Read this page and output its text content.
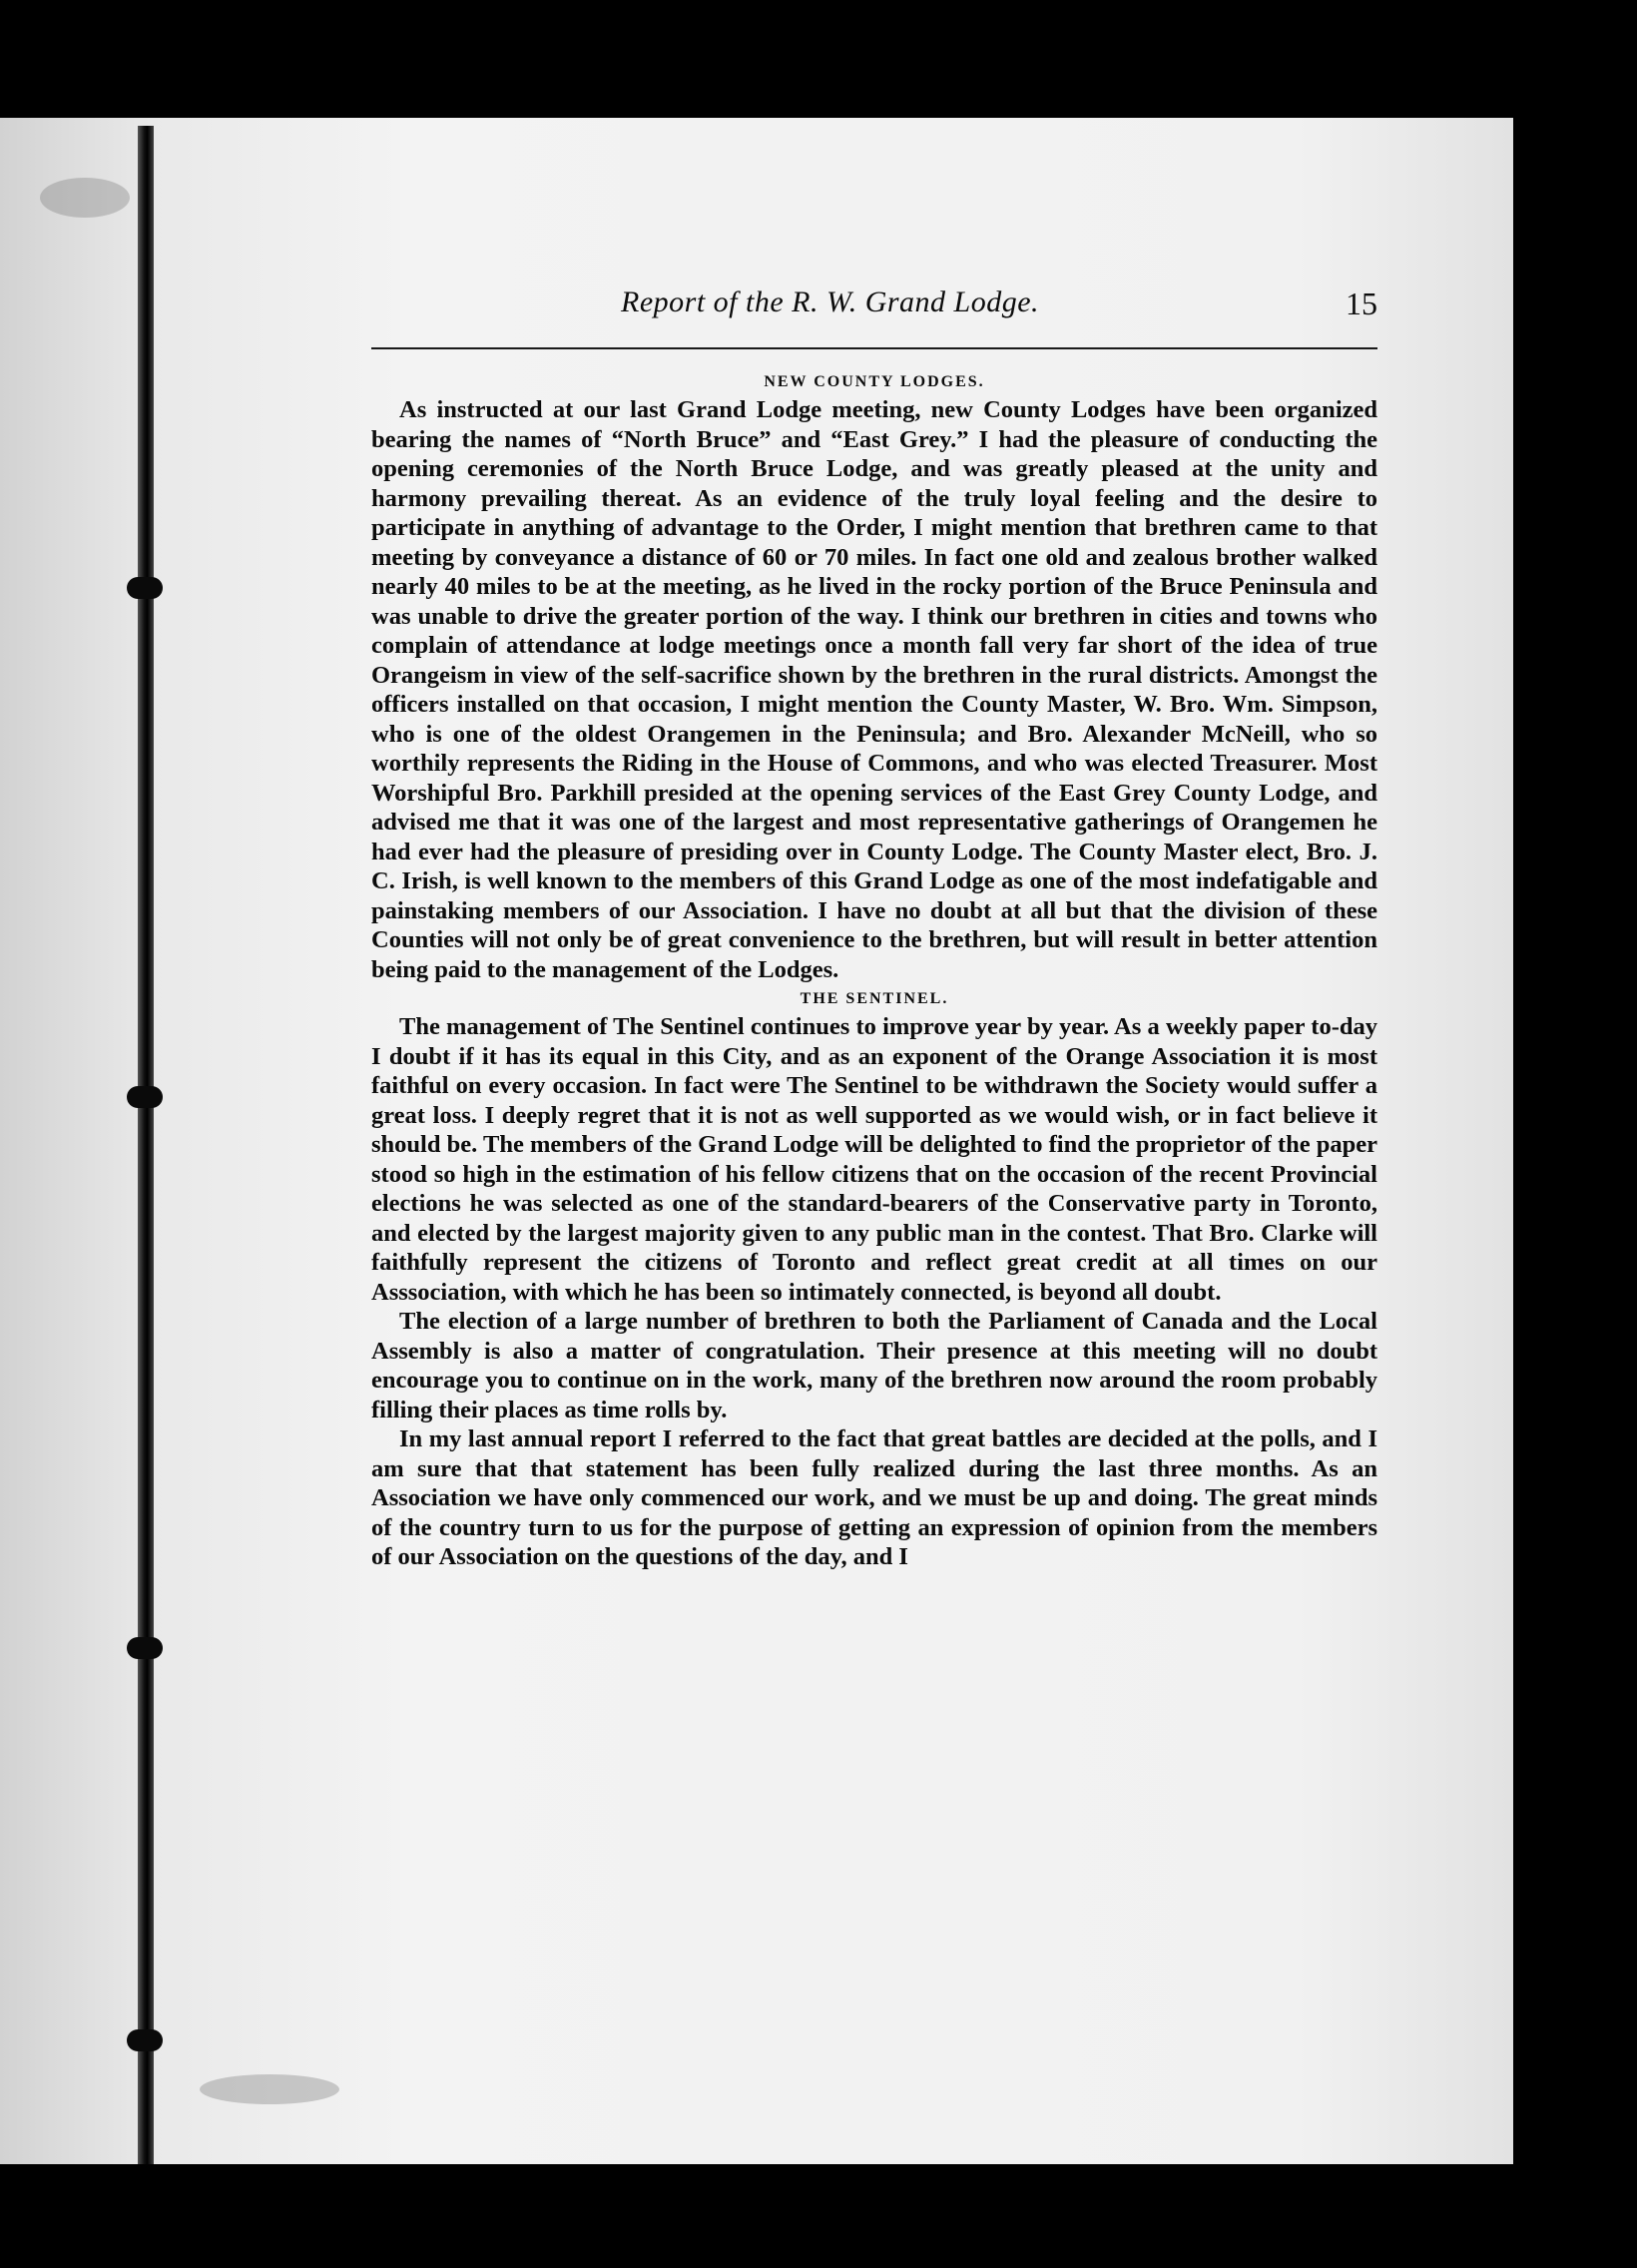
Report of the R. W. Grand Lodge.	15
NEW COUNTY LODGES.

As instructed at our last Grand Lodge meeting, new County Lodges have been organized bearing the names of “North Bruce” and “East Grey.” I had the pleasure of conducting the opening ceremonies of the North Bruce Lodge, and was greatly pleased at the unity and harmony prevailing thereat. As an evidence of the truly loyal feeling and the desire to participate in anything of advantage to the Order, I might mention that brethren came to that meeting by conveyance a distance of 60 or 70 miles. In fact one old and zealous brother walked nearly 40 miles to be at the meeting, as he lived in the rocky portion of the Bruce Peninsula and was unable to drive the greater portion of the way. I think our brethren in cities and towns who complain of attendance at lodge meetings once a month fall very far short of the idea of true Orangeism in view of the self-sacrifice shown by the brethren in the rural districts. Amongst the officers installed on that occasion, I might mention the County Master, W. Bro. Wm. Simpson, who is one of the oldest Orangemen in the Peninsula; and Bro. Alexander McNeill, who so worthily represents the Riding in the House of Commons, and who was elected Treasurer. Most Worshipful Bro. Parkhill presided at the opening services of the East Grey County Lodge, and advised me that it was one of the largest and most representative gatherings of Orangemen he had ever had the pleasure of presiding over in County Lodge. The County Master elect, Bro. J. C. Irish, is well known to the members of this Grand Lodge as one of the most indefatigable and painstaking members of our Association. I have no doubt at all but that the division of these Counties will not only be of great convenience to the brethren, but will result in better attention being paid to the management of the Lodges.

THE SENTINEL.

The management of The Sentinel continues to improve year by year. As a weekly paper to-day I doubt if it has its equal in this City, and as an exponent of the Orange Association it is most faithful on every occasion. In fact were The Sentinel to be withdrawn the Society would suffer a great loss. I deeply regret that it is not as well supported as we would wish, or in fact believe it should be. The members of the Grand Lodge will be delighted to find the proprietor of the paper stood so high in the estimation of his fellow citizens that on the occasion of the recent Provincial elections he was selected as one of the standard-bearers of the Conservative party in Toronto, and elected by the largest majority given to any public man in the contest. That Bro. Clarke will faithfully represent the citizens of Toronto and reflect great credit at all times on our Asssociation, with which he has been so intimately connected, is beyond all doubt.

The election of a large number of brethren to both the Parliament of Canada and the Local Assembly is also a matter of congratulation. Their presence at this meeting will no doubt encourage you to continue on in the work, many of the brethren now around the room probably filling their places as time rolls by.

In my last annual report I referred to the fact that great battles are decided at the polls, and I am sure that that statement has been fully realized during the last three months. As an Association we have only commenced our work, and we must be up and doing. The great minds of the country turn to us for the purpose of getting an expression of opinion from the members of our Association on the questions of the day, and I
